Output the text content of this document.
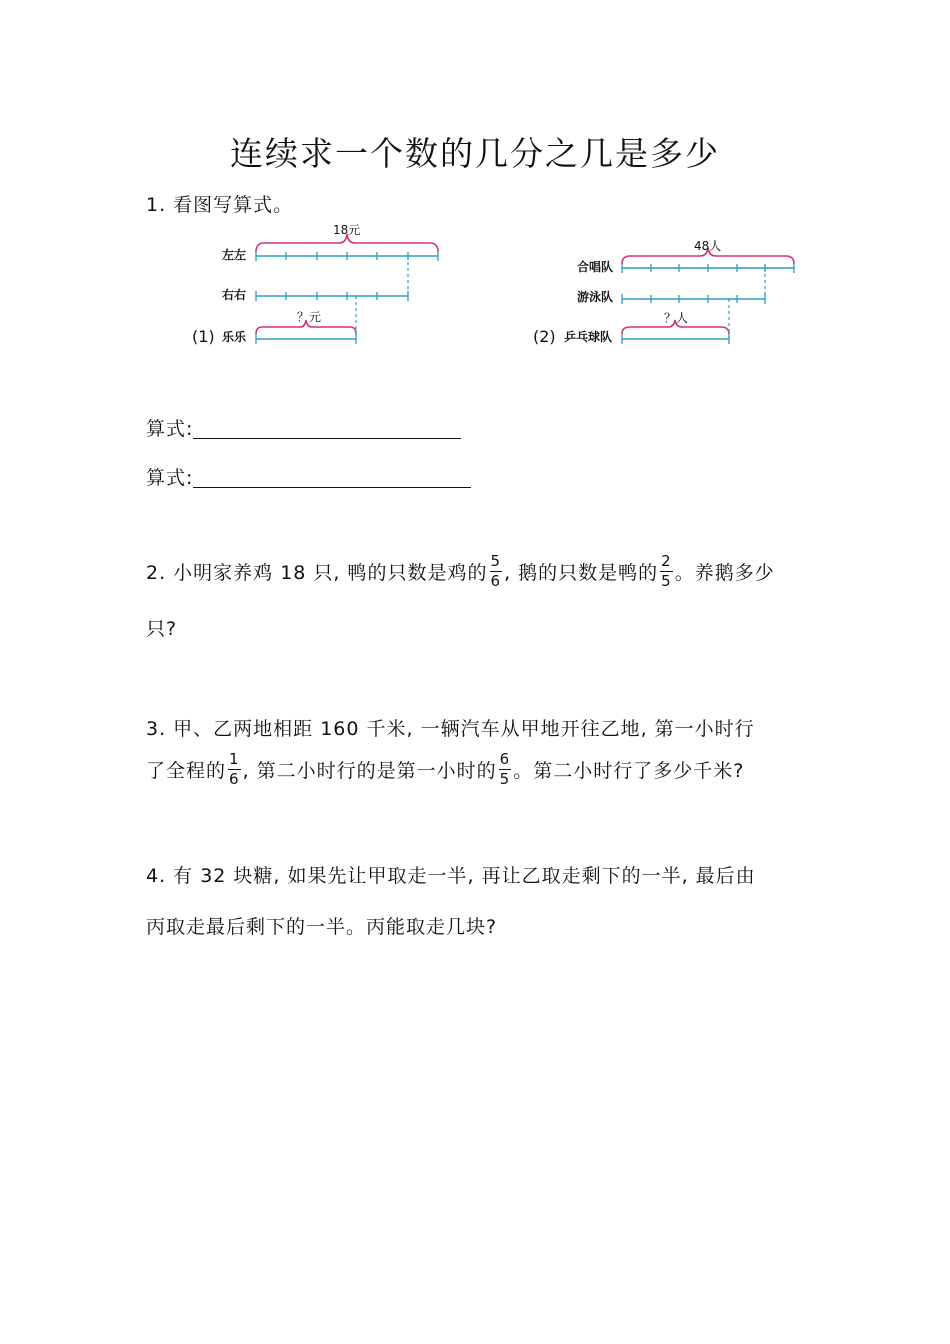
连续求一个数的几分之几是多少
1. 看图写算式。
左左
右右
(1) 乐乐
18元
？元
合唱队
游泳队
(2) 乒乓球队
48人
？人
算式:
算式:
2. 小明家养鸡 18 只, 鸭的只数是鸡的 $\frac{5}{6}$ , 鹅的只数是鸭的 $\frac{2}{5}$ 。养鹅多少
只?
3. 甲、乙两地相距 160 千米, 一辆汽车从甲地开往乙地, 第一小时行
了全程的 $\frac{1}{6}$ , 第二小时行的是第一小时的 $\frac{6}{5}$ 。第二小时行了多少千米?
4. 有 32 块糖, 如果先让甲取走一半, 再让乙取走剩下的一半, 最后由
丙取走最后剩下的一半。丙能取走几块?
